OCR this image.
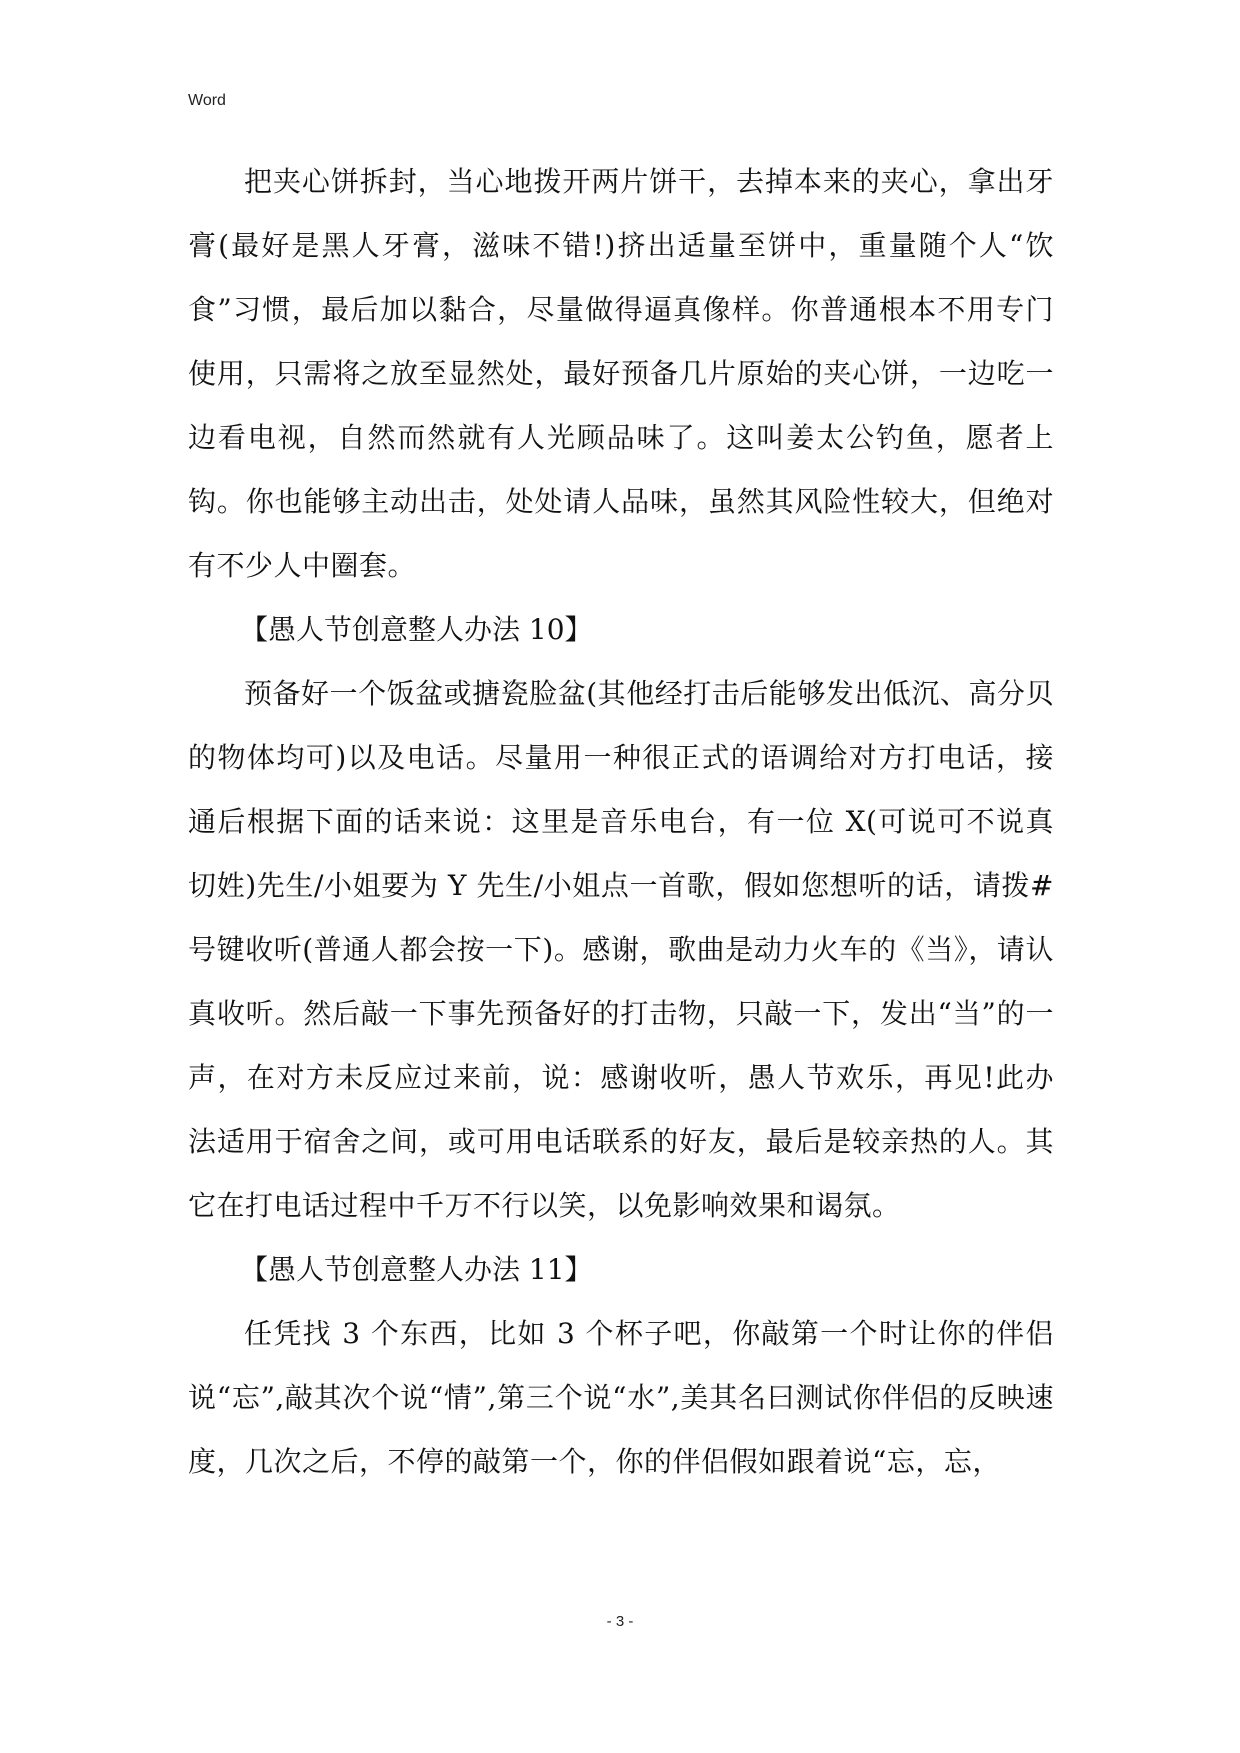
Word

把夹心饼拆封，当心地拨开两片饼干，去掉本来的夹心，拿出牙膏(最好是黑人牙膏，滋味不错!)挤出适量至饼中，重量随个人“饮食”习惯，最后加以黏合，尽量做得逼真像样。你普通根本不用专门使用，只需将之放至显然处，最好预备几片原始的夹心饼，一边吃一边看电视，自然而然就有人光顾品味了。这叫姜太公钓鱼，愿者上钩。你也能够主动出击，处处请人品味，虽然其风险性较大，但绝对有不少人中圈套。

【愚人节创意整人办法 10】

预备好一个饭盆或搪瓷脸盆(其他经打击后能够发出低沉、高分贝的物体均可)以及电话。尽量用一种很正式的语调给对方打电话，接通后根据下面的话来说：这里是音乐电台，有一位 X(可说可不说真切姓)先生/小姐要为 Y 先生/小姐点一首歌，假如您想听的话，请拨#号键收听(普通人都会按一下)。感谢，歌曲是动力火车的《当》，请认真收听。然后敲一下事先预备好的打击物，只敲一下，发出“当”的一声，在对方未反应过来前，说：感谢收听，愚人节欢乐，再见!此办法适用于宿舍之间，或可用电话联系的好友，最后是较亲热的人。其它在打电话过程中千万不行以笑，以免影响效果和谒氛。

【愚人节创意整人办法 11】

任凭找 3 个东西，比如 3 个杯子吧，你敲第一个时让你的伴侣说“忘”,敲其次个说“情”,第三个说“水”,美其名曰测试你伴侣的反映速度，几次之后，不停的敲第一个，你的伴侣假如跟着说“忘，忘，

- 3 -
